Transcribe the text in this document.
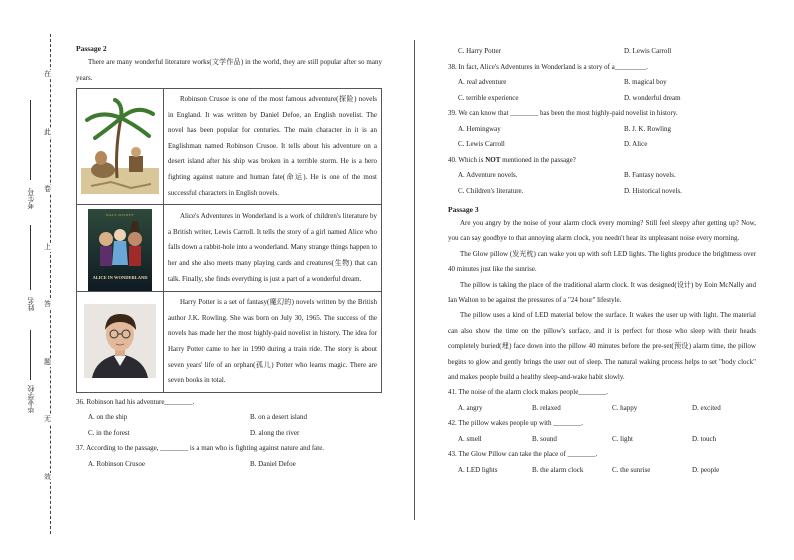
在
此
卷
上
答
题
无
效
考生号
姓名
毕业学校
Passage 2
There are many wonderful literature works(文学作品) in the world, they are still popular after so many years.
	Robinson Crusoe is one of the most famous adventure(探险) novels in England. It was written by Daniel Defoe, an English novelist. The novel has been popular for centuries. The main character in it is an Englishman named Robinson Crusoe. It tells about his adventure on a desert island after his ship was broken in a terrible storm. He is a hero fighting against nature and human fate(命运). He is one of the most successful characters in English novels.

WALT DISNEY
ALICE IN WONDERLAND	Alice's Adventures in Wonderland is a work of children's literature by a British writer, Lewis Carroll. It tells the story of a girl named Alice who falls down a rabbit-hole into a wonderland. Many strange things happen to her and she also meets many playing cards and creatures(生物) that can talk. Finally, she finds everything is just a part of a wonderful dream.
	Harry Potter is a set of fantasy(魔幻的) novels written by the British author J.K. Rowling. She was born on July 30, 1965. The success of the novels has made her the most highly-paid novelist in history. The idea for Harry Potter came to her in 1990 during a train ride. The story is about seven years' life of an orphan(孤儿) Potter who learns magic. There are seven books in total.
36. Robinson had his adventure________.
A. on the ship	B. on a desert island
C. in the forest	D. along the river
37. According to the passage, ________ is a man who is fighting against nature and fate.
A. Robinson Crusoe	B. Daniel Defoe
C. Harry Potter	D. Lewis Carroll
38. In fact, Alice's Adventures in Wonderland is a story of a_________.
A. real adventure	B. magical boy
C. terrible experience	D. wonderful dream
39. We can know that ________ has been the most highly-paid novelist in history.
A. Hemingway	B. J. K. Rowling
C. Lewis Carroll	D. Alice
40. Which is NOT mentioned in the passage?
A. Adventure novels.	B. Fantasy novels.
C. Children's literature.	D. Historical novels.
Passage 3
Are you angry by the noise of your alarm clock every morning? Still feel sleepy after getting up? Now, you can say goodbye to that annoying alarm clock, you needn't hear its unpleasant noise every morning.
The Glow pillow (发光枕) can wake you up with soft LED lights. The lights produce the brightness over 40 minutes just like the sunrise.
The pillow is taking the place of the traditional alarm clock. It was designed(设计) by Eoin McNally and Ian Walton to be against the pressures of a "24 hour" lifestyle.
The pillow uses a kind of LED material below the surface. It wakes the user up with light. The material can also show the time on the pillow's surface, and it is perfect for those who sleep with their heads completely buried(埋) face down into the pillow 40 minutes before the pre-set(预设) alarm time, the pillow begins to glow and gently brings the user out of sleep. The natural waking process helps to set "body clock" and makes people build a healthy sleep-and-wake habit slowly.
41. The noise of the alarm clock makes people________.
A. angry	B. relaxed	C. happy	D. excited
42. The pillow wakes people up with ________.
A. smell	B. sound	C. light	D. touch
43. The Glow Pillow can take the place of ________.
A. LED lights	B. the alarm clock	C. the sunrise	D. people
